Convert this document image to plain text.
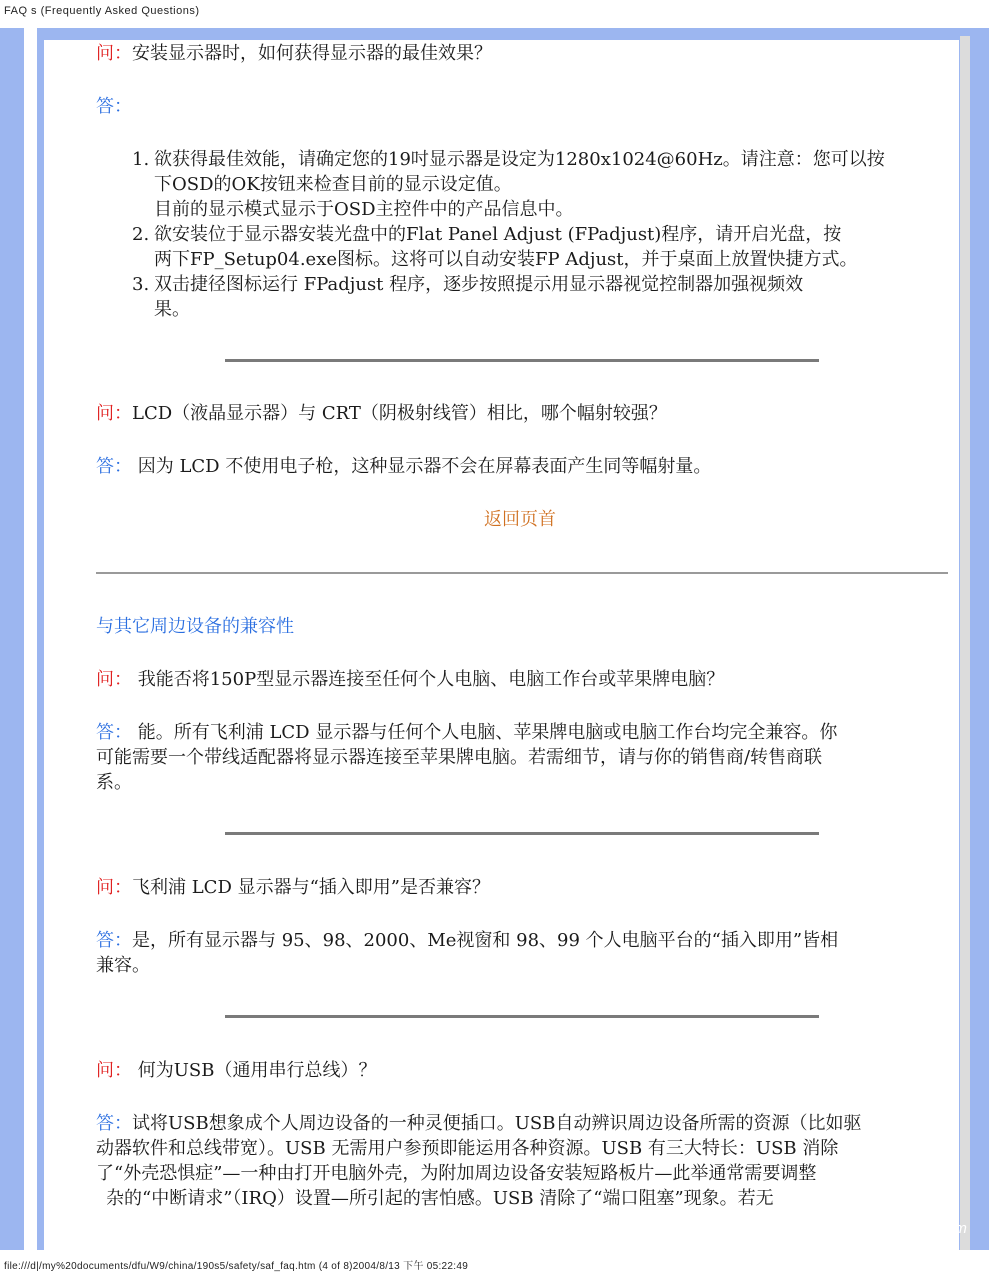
FAQ s (Frequently Asked Questions)
问：安装显示器时，如何获得显示器的最佳效果？
答：
1. 欲获得最佳效能，请确定您的19吋显示器是设定为1280x1024@60Hz。请注意：您可以按
下OSD的OK按钮来检查目前的显示设定值。
目前的显示模式显示于OSD主控件中的产品信息中。
2. 欲安装位于显示器安装光盘中的Flat Panel Adjust (FPadjust)程序，请开启光盘，按
两下FP_Setup04.exe图标。这将可以自动安装FP Adjust，并于桌面上放置快捷方式。
3. 双击捷径图标运行 FPadjust 程序，逐步按照提示用显示器视觉控制器加强视频效
果。
问：LCD（液晶显示器）与 CRT（阴极射线管）相比，哪个幅射较强？
答： 因为 LCD 不使用电子枪，这种显示器不会在屏幕表面产生同等幅射量。
返回页首
与其它周边设备的兼容性
问： 我能否将150P型显示器连接至任何个人电脑、电脑工作台或苹果牌电脑？
答： 能。所有飞利浦 LCD 显示器与任何个人电脑、苹果牌电脑或电脑工作台均完全兼容。你
可能需要一个带线适配器将显示器连接至苹果牌电脑。若需细节，请与你的销售商/转售商联
系。
问：飞利浦 LCD 显示器与“插入即用”是否兼容？
答：是，所有显示器与 95、98、2000、Me视窗和 98、99 个人电脑平台的“插入即用”皆相
兼容。
问： 何为USB（通用串行总线）？
答：试将USB想象成个人周边设备的一种灵便插口。USB自动辨识周边设备所需的资源（比如驱
动器软件和总线带宽）。USB 无需用户参预即能运用各种资源。USB 有三大特长：USB 消除
了“外壳恐惧症”—一种由打开电脑外壳，为附加周边设备安装短路板片—此举通常需要调整
杂的“中断请求”（IRQ）设置—所引起的害怕感。USB 清除了“端口阻塞”现象。若无
jingyan.baidu.com
file:///d|/my%20documents/dfu/W9/china/190s5/safety/saf_faq.htm (4 of 8)2004/8/13 下午 05:22:49
